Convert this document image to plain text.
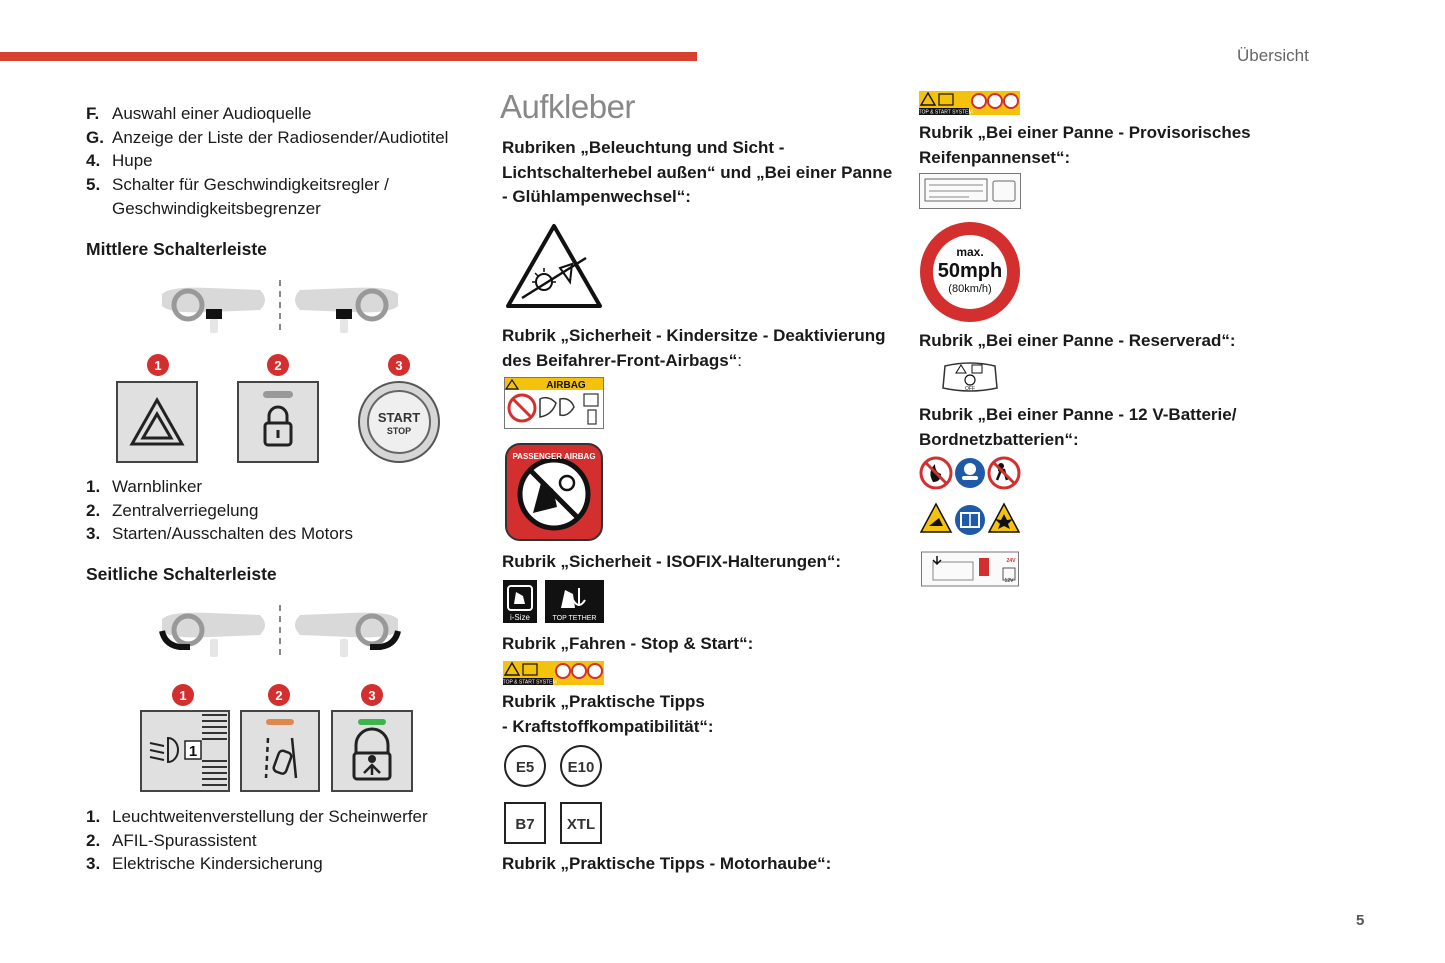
Übersicht
5
F. Auswahl einer Audioquelle
G. Anzeige der Liste der Radiosender/Audiotitel
4. Hupe
5. Schalter für Geschwindigkeitsregler /
Geschwindigkeitsbegrenzer
Mittlere Schalterleiste
1	2	3
START
STOP
1. Warnblinker
2. Zentralverriegelung
3. Starten/Ausschalten des Motors
Seitliche Schalterleiste
1	2	3
1
1. Leuchtweitenverstellung der Scheinwerfer
2. AFIL-Spurassistent
3. Elektrische Kindersicherung
Aufkleber
Rubriken „Beleuchtung und Sicht -
Lichtschalterhebel außen“ und „Bei einer Panne
- Glühlampenwechsel“:
Rubrik „Sicherheit - Kindersitze - Deaktivierung
des Beifahrer-Front-Airbags“:
AIRBAG
PASSENGER AIRBAG
Rubrik „Sicherheit - ISOFIX-Halterungen“:
i-Size	TOP TETHER
Rubrik „Fahren - Stop & Start“:
STOP & START SYSTEM
Rubrik „Praktische Tipps
- Kraftstoffkompatibilität“:
E5 E10
B7 XTL
Rubrik „Praktische Tipps - Motorhaube“:
STOP & START SYSTEM
Rubrik „Bei einer Panne - Provisorisches
Reifenpannenset“:
max.
50mph
(80km/h)
Rubrik „Bei einer Panne - Reserverad“:
OFF
Rubrik „Bei einer Panne - 12 V-Batterie/
Bordnetzbatterien“:
24V
12V
